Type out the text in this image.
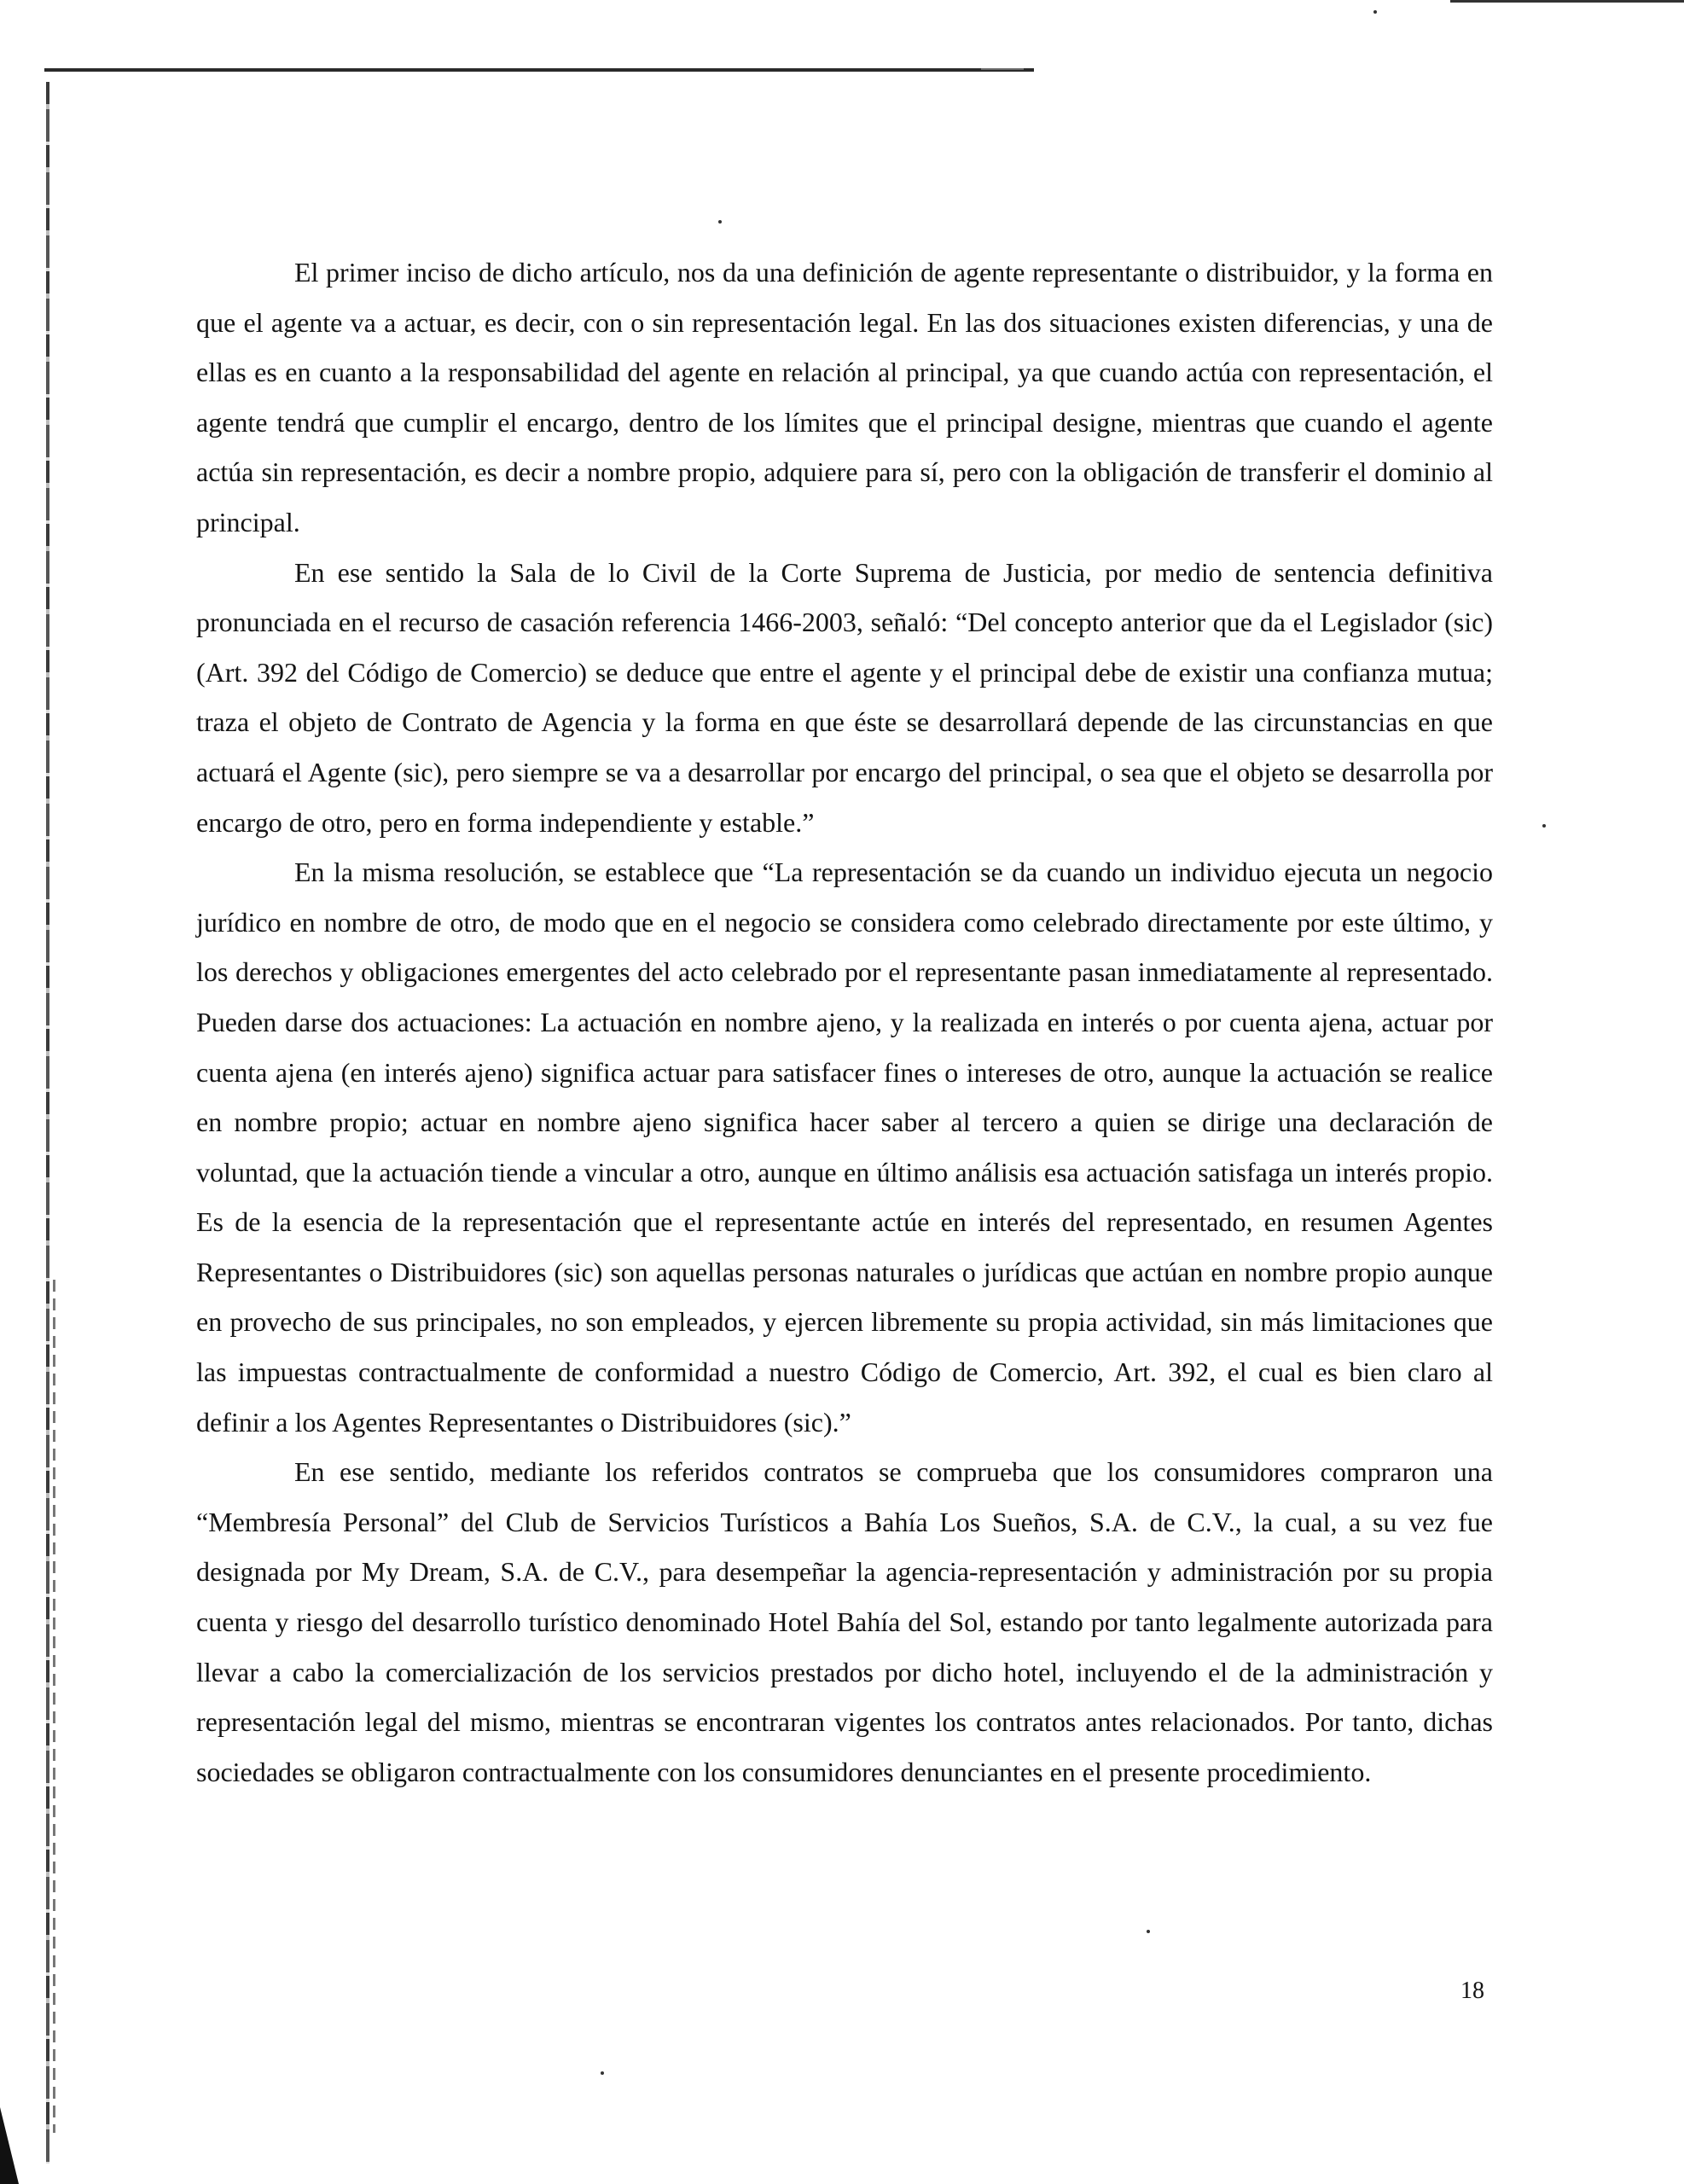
El primer inciso de dicho artículo, nos da una definición de agente representante o distribuidor, y la forma en que el agente va a actuar, es decir, con o sin representación legal. En las dos situaciones existen diferencias, y una de ellas es en cuanto a la responsabilidad del agente en relación al principal, ya que cuando actúa con representación, el agente tendrá que cumplir el encargo, dentro de los límites que el principal designe, mientras que cuando el agente actúa sin representación, es decir a nombre propio, adquiere para sí, pero con la obligación de transferir el dominio al principal.

En ese sentido la Sala de lo Civil de la Corte Suprema de Justicia, por medio de sentencia definitiva pronunciada en el recurso de casación referencia 1466-2003, señaló: “Del concepto anterior que da el Legislador (sic) (Art. 392 del Código de Comercio) se deduce que entre el agente y el principal debe de existir una confianza mutua; traza el objeto de Contrato de Agencia y la forma en que éste se desarrollará depende de las circunstancias en que actuará el Agente (sic), pero siempre se va a desarrollar por encargo del principal, o sea que el objeto se desarrolla por encargo de otro, pero en forma independiente y estable.”

En la misma resolución, se establece que “La representación se da cuando un individuo ejecuta un negocio jurídico en nombre de otro, de modo que en el negocio se considera como celebrado directamente por este último, y los derechos y obligaciones emergentes del acto celebrado por el representante pasan inmediatamente al representado. Pueden darse dos actuaciones: La actuación en nombre ajeno, y la realizada en interés o por cuenta ajena, actuar por cuenta ajena (en interés ajeno) significa actuar para satisfacer fines o intereses de otro, aunque la actuación se realice en nombre propio; actuar en nombre ajeno significa hacer saber al tercero a quien se dirige una declaración de voluntad, que la actuación tiende a vincular a otro, aunque en último análisis esa actuación satisfaga un interés propio. Es de la esencia de la representación que el representante actúe en interés del representado, en resumen Agentes Representantes o Distribuidores (sic) son aquellas personas naturales o jurídicas que actúan en nombre propio aunque en provecho de sus principales, no son empleados, y ejercen libremente su propia actividad, sin más limitaciones que las impuestas contractualmente de conformidad a nuestro Código de Comercio, Art. 392, el cual es bien claro al definir a los Agentes Representantes o Distribuidores (sic).”

En ese sentido, mediante los referidos contratos se comprueba que los consumidores compraron una “Membresía Personal” del Club de Servicios Turísticos a Bahía Los Sueños, S.A. de C.V., la cual, a su vez fue designada por My Dream, S.A. de C.V., para desempeñar la agencia-representación y administración por su propia cuenta y riesgo del desarrollo turístico denominado Hotel Bahía del Sol, estando por tanto legalmente autorizada para llevar a cabo la comercialización de los servicios prestados por dicho hotel, incluyendo el de la administración y representación legal del mismo, mientras se encontraran vigentes los contratos antes relacionados. Por tanto, dichas sociedades se obligaron contractualmente con los consumidores denunciantes en el presente procedimiento.

18
